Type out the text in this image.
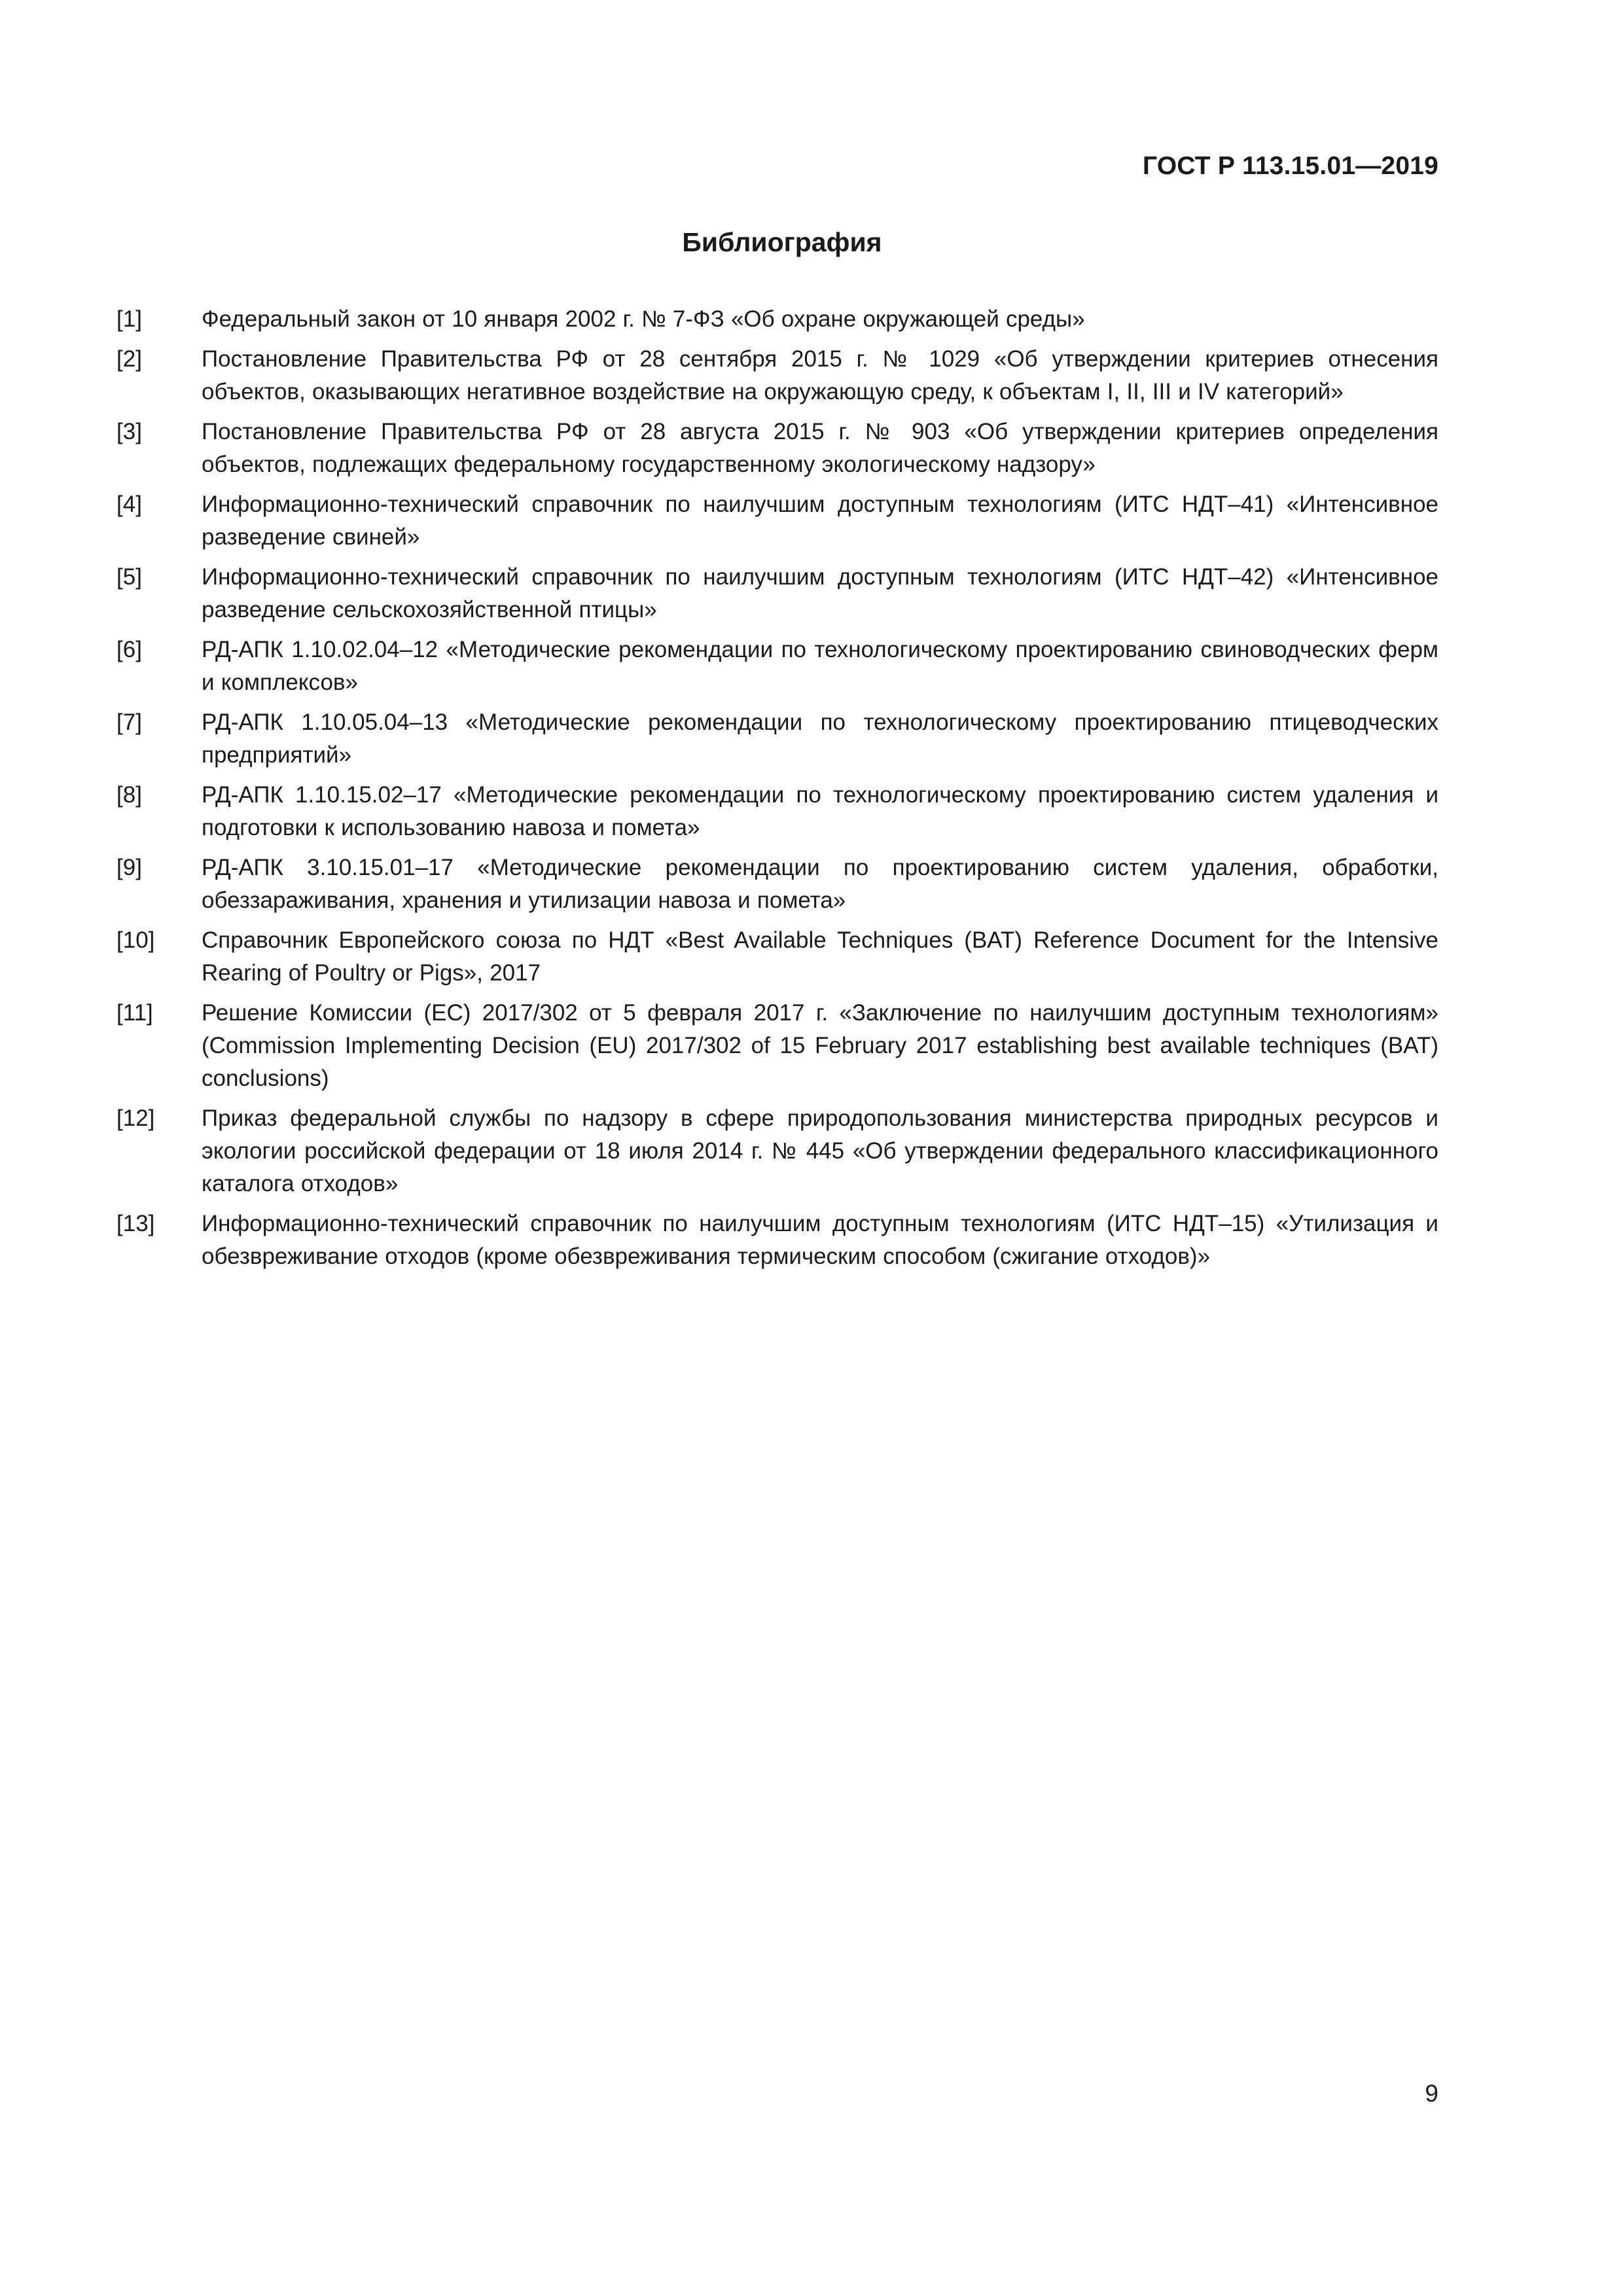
ГОСТ Р 113.15.01—2019
Библиография
[1]	Федеральный закон от 10 января 2002 г. № 7-ФЗ «Об охране окружающей среды»
[2]	Постановление Правительства РФ от 28 сентября 2015 г. № 1029 «Об утверждении критериев отнесения объектов, оказывающих негативное воздействие на окружающую среду, к объектам I, II, III и IV категорий»
[3]	Постановление Правительства РФ от 28 августа 2015 г. № 903 «Об утверждении критериев определения объектов, подлежащих федеральному государственному экологическому надзору»
[4]	Информационно-технический справочник по наилучшим доступным технологиям (ИТС НДТ–41) «Интенсивное разведение свиней»
[5]	Информационно-технический справочник по наилучшим доступным технологиям (ИТС НДТ–42) «Интенсивное разведение сельскохозяйственной птицы»
[6]	РД-АПК 1.10.02.04–12 «Методические рекомендации по технологическому проектированию свиноводческих ферм и комплексов»
[7]	РД-АПК 1.10.05.04–13 «Методические рекомендации по технологическому проектированию птицеводческих предприятий»
[8]	РД-АПК 1.10.15.02–17 «Методические рекомендации по технологическому проектированию систем удаления и подготовки к использованию навоза и помета»
[9]	РД-АПК 3.10.15.01–17 «Методические рекомендации по проектированию систем удаления, обработки, обеззараживания, хранения и утилизации навоза и помета»
[10]	Справочник Европейского союза по НДТ «Best Available Techniques (BAT) Reference Document for the Intensive Rearing of Poultry or Pigs», 2017
[11]	Решение Комиссии (ЕС) 2017/302 от 5 февраля 2017 г. «Заключение по наилучшим доступным технологиям» (Commission Implementing Decision (EU) 2017/302 of 15 February 2017 establishing best available techniques (BAT) conclusions)
[12]	Приказ федеральной службы по надзору в сфере природопользования министерства природных ресурсов и экологии российской федерации от 18 июля 2014 г. № 445 «Об утверждении федерального классификационного каталога отходов»
[13]	Информационно-технический справочник по наилучшим доступным технологиям (ИТС НДТ–15) «Утилизация и обезвреживание отходов (кроме обезвреживания термическим способом (сжигание отходов)»
9
